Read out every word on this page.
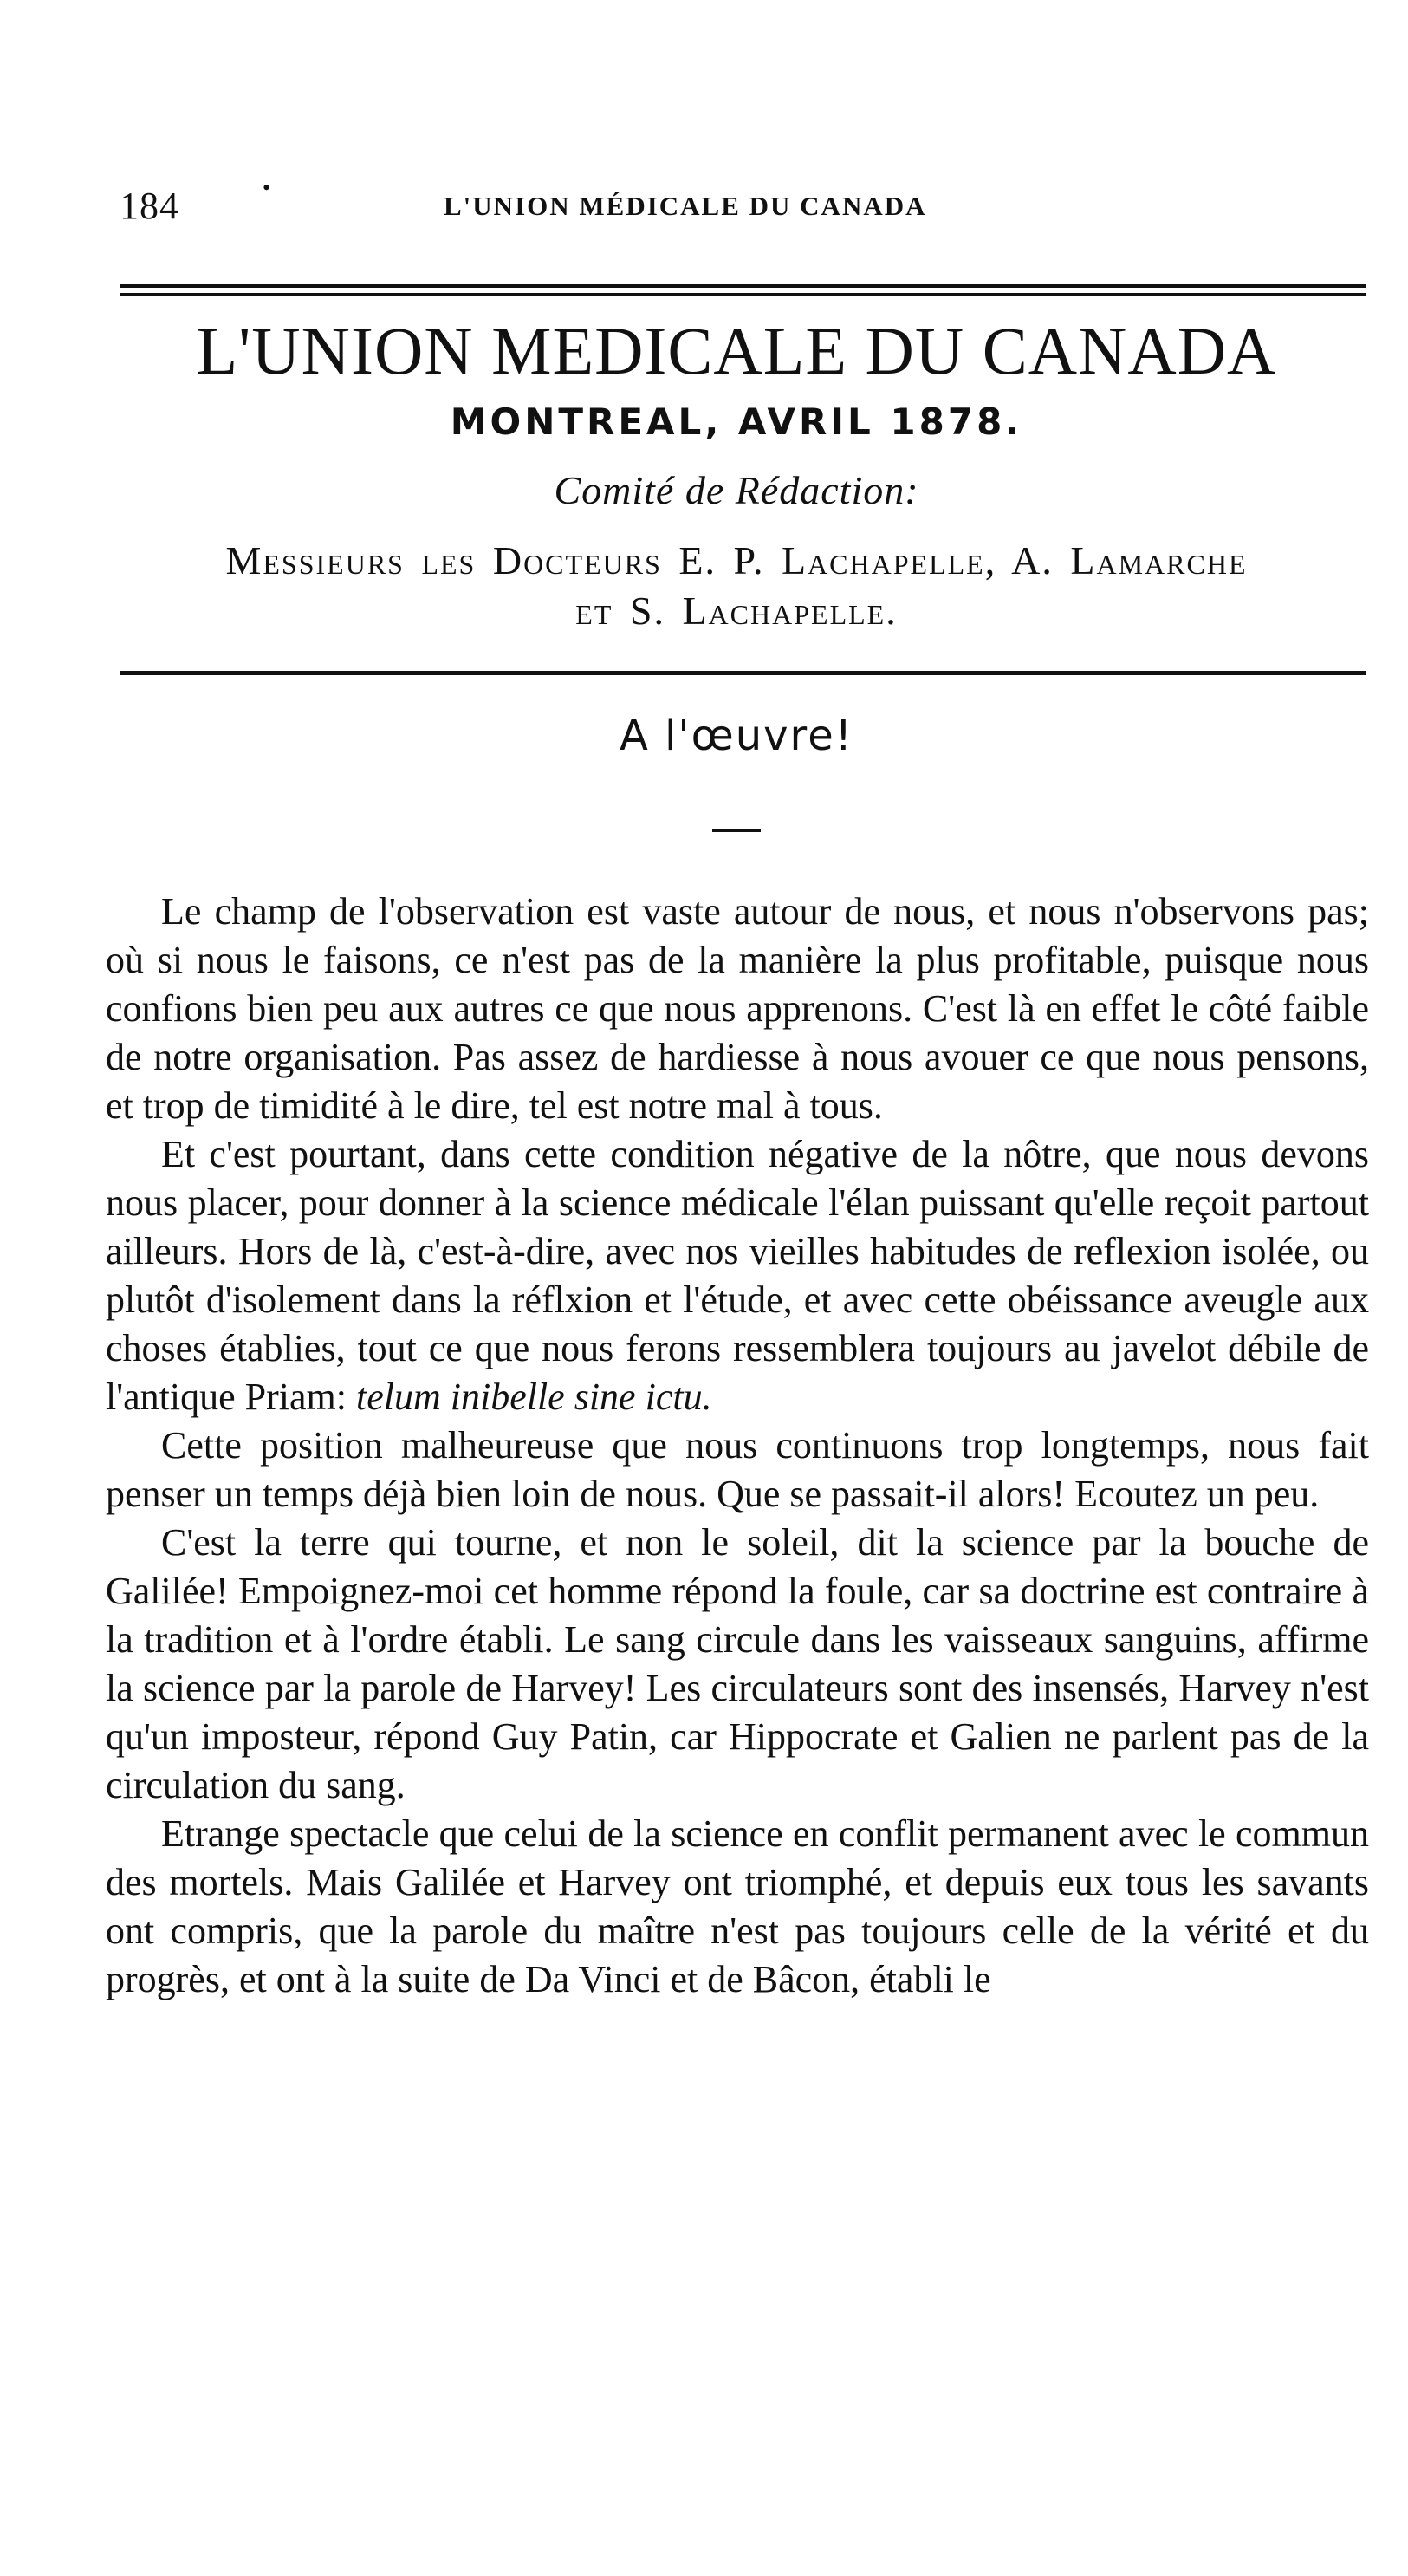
184	•
L'UNION MÉDICALE DU CANADA
L'UNION MEDICALE DU CANADA
MONTREAL, AVRIL 1878.
Comité de Rédaction:
Messieurs les Docteurs E. P. Lachapelle, A. Lamarche
et S. Lachapelle.
A l'œuvre!

Le champ de l'observation est vaste autour de nous, et nous n'observons pas; où si nous le faisons, ce n'est pas de la manière la plus profitable, puisque nous confions bien peu aux autres ce que nous apprenons. C'est là en effet le côté faible de notre organisation. Pas assez de hardiesse à nous avouer ce que nous pensons, et trop de timidité à le dire, tel est notre mal à tous.

Et c'est pourtant, dans cette condition négative de la nôtre, que nous devons nous placer, pour donner à la science médicale l'élan puissant qu'elle reçoit partout ailleurs. Hors de là, c'est-à-dire, avec nos vieilles habitudes de reflexion isolée, ou plutôt d'isolement dans la réflxion et l'étude, et avec cette obéissance aveugle aux choses établies, tout ce que nous ferons ressemblera toujours au javelot débile de l'antique Priam: telum inibelle sine ictu.

Cette position malheureuse que nous continuons trop longtemps, nous fait penser un temps déjà bien loin de nous. Que se passait-il alors! Ecoutez un peu.

C'est la terre qui tourne, et non le soleil, dit la science par la bouche de Galilée! Empoignez-moi cet homme répond la foule, car sa doctrine est contraire à la tradition et à l'ordre établi. Le sang circule dans les vaisseaux sanguins, affirme la science par la parole de Harvey! Les circulateurs sont des insensés, Harvey n'est qu'un imposteur, répond Guy Patin, car Hippocrate et Galien ne parlent pas de la circulation du sang.

Etrange spectacle que celui de la science en conflit permanent avec le commun des mortels. Mais Galilée et Harvey ont triomphé, et depuis eux tous les savants ont compris, que la parole du maître n'est pas toujours celle de la vérité et du progrès, et ont à la suite de Da Vinci et de Bâcon, établi le
